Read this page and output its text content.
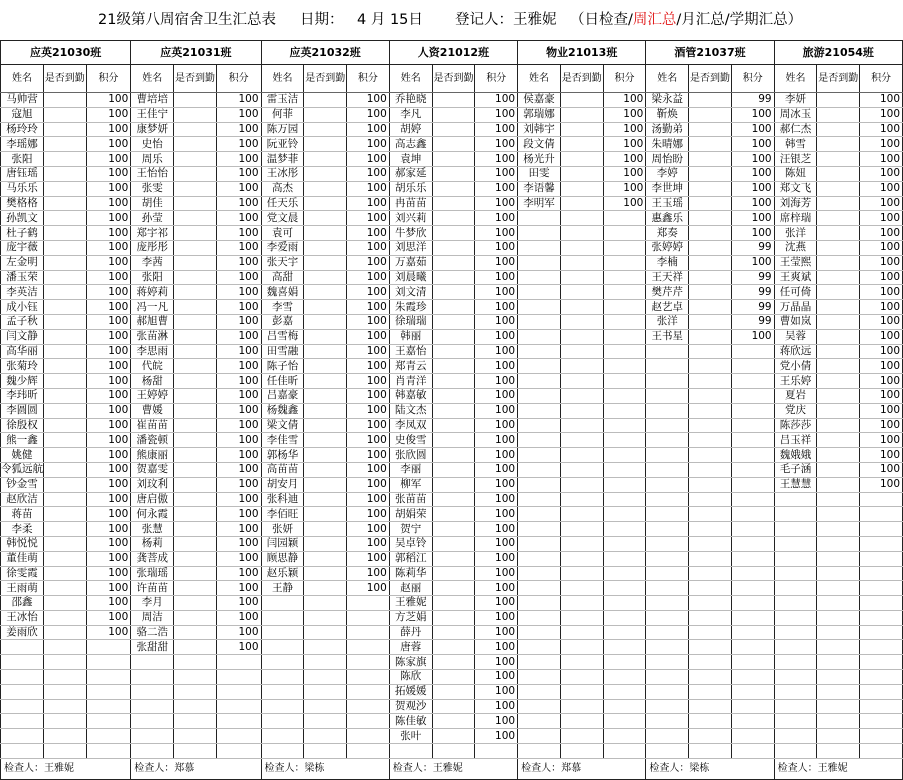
21级第八周宿舍卫生汇总表

日期：

4 月 15日

登记人：王雅妮

（日检查/周汇总/月汇总/学期汇总）

应英21030班			应英21031班			应英21032班			人资21012班			物业21013班			酒管21037班			旅游21054班		
姓名	是否到勤	积分	姓名	是否到勤	积分	姓名	是否到勤	积分	姓名	是否到勤	积分	姓名	是否到勤	积分	姓名	是否到勤	积分	姓名	是否到勤	积分
马帅营		100	曹培培		100	雷玉洁		100	乔艳晓		100	侯嘉豪		100	梁永益		99	李妍		100
寇旭		100	王佳宁		100	何菲		100	李凡		100	郭瑞娜		100	靳焕		100	周冰玉		100
杨玲玲		100	康梦妍		100	陈万园		100	胡婷		100	刘韩宇		100	汤勤弟		100	郝仁杰		100
李瑶娜		100	史怡		100	阮亚铃		100	高志鑫		100	段文倩		100	朱晴娜		100	韩雪		100
张阳		100	周乐		100	温梦菲		100	袁坤		100	杨光升		100	周怡盼		100	汪银芝		100
唐钰瑶		100	王怡怡		100	王冰彤		100	郝家延		100	田雯		100	李婷		100	陈妞		100
马乐乐		100	张雯		100	高杰		100	胡乐乐		100	李语馨		100	李世坤		100	郑文飞		100
樊格格		100	胡佳		100	任天乐		100	冉苗苗		100	李明军		100	王玉瑶		100	刘海芳		100
孙凯文		100	孙莹		100	党文晨		100	刘兴莉		100				惠鑫乐		100	席梓瑞		100
杜子鹤		100	郑宇祁		100	袁可		100	牛梦欣		100				郑奏		100	张洋		100
庞宇薇		100	庞彤彤		100	李爱雨		100	刘思洋		100				张婷婷		99	沈燕		100
左金明		100	李茜		100	张天宇		100	万嘉茹		100				李楠		100	王莹熙		100
潘玉荣		100	张阳		100	高甜		100	刘晨曦		100				王天祥		99	王爽斌		100
李英洁		100	蒋婷莉		100	魏喜娟		100	刘文清		100				樊芹芹		99	任可倚		100
成小钰		100	冯一凡		100	李雪		100	朱霞珍		100				赵艺卓		99	万晶晶		100
孟子秋		100	郝旭曹		100	彭嘉		100	徐瑞瑞		100				张洋		99	曹如岚		100
闫文静		100	张苗淋		100	吕雪梅		100	韩丽		100				王书星		100	吴蓉		100
高华丽		100	李思雨		100	田雪融		100	王嘉怡		100							蒋欣远		100
张菊玲		100	代皖		100	陈子怡		100	郑青云		100							党小倩		100
魏少辉		100	杨甜		100	任佳昕		100	肖青洋		100							王乐婷		100
李玮昕		100	王婷婷		100	吕嘉豪		100	韩嘉敏		100							夏岩		100
李圆圆		100	曹媛		100	杨魏鑫		100	陆文杰		100							党庆		100
徐殷权		100	崔苗苗		100	梁文倩		100	李凤双		100							陈莎莎		100
熊一鑫		100	潘瓷顿		100	李佳雪		100	史俊雪		100							吕玉祥		100
姚健		100	熊康丽		100	郭杨华		100	张欣圆		100							魏娥娥		100
令狐远航		100	贺嘉雯		100	高苗苗		100	李丽		100							毛子涵		100
钞金雪		100	刘玟利		100	胡安月		100	柳军		100							王慧慧		100
赵欣洁		100	唐启傲		100	张科迪		100	张苗苗		100									
蒋苗		100	何永霞		100	李佰旺		100	胡娟荣		100									
李柔		100	张慧		100	张妍		100	贺宁		100									
韩悦悦		100	杨莉		100	闫园颖		100	吴卓铃		100									
董佳萌		100	龚菩成		100	顾思静		100	郭稻江		100									
徐雯霞		100	张瑞瑶		100	赵乐颖		100	陈莉华		100									
王雨萌		100	许苗苗		100	王静		100	赵丽		100									
邵鑫		100	李月		100				王雅妮		100									
王冰怡		100	周洁		100				方芝娟		100									
姜雨欣		100	骆二浩		100				薛丹		100									
			张甜甜		100				唐蓉		100									
									陈家旗		100									
									陈欣		100									
									拓媛媛		100									
									贺观沙		100									
									陈佳敏		100									
									张叶		100									

检查人：王雅妮			检查人：郑慕			检查人：梁栋			检查人：王雅妮			检查人：郑慕			检查人：梁栋			检查人：王雅妮		
